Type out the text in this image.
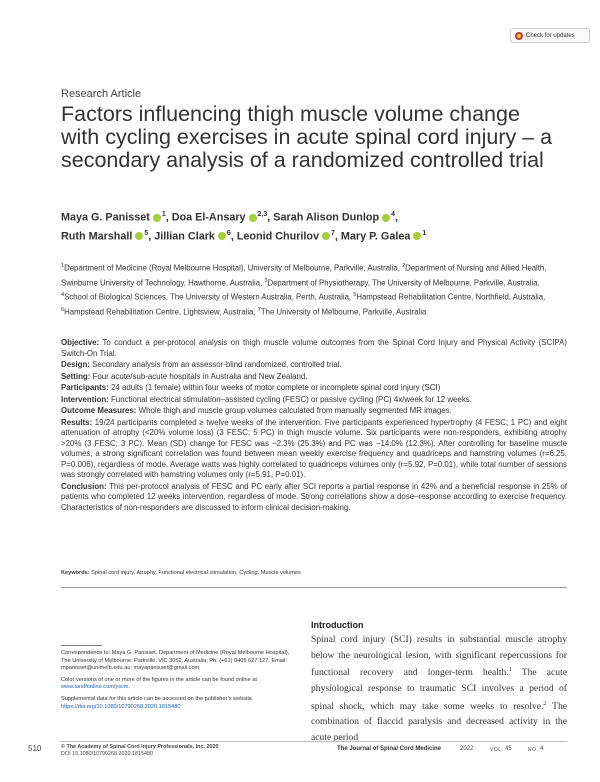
Check for updates
Research Article
Factors influencing thigh muscle volume change with cycling exercises in acute spinal cord injury – a secondary analysis of a randomized controlled trial
Maya G. Panisset $^1$, Doa El-Ansary $^{2,3}$, Sarah Alison Dunlop $^4$,
Ruth Marshall $^5$, Jillian Clark $^6$, Leonid Churilov $^7$, Mary P. Galea $^1$
$^1$Department of Medicine (Royal Melbourne Hospital), University of Melbourne, Parkville, Australia, $^2$Department of Nursing and Allied Health, Swinburne University of Technology, Hawthorne, Australia, $^3$Department of Physiotherapy, The University of Melbourne, Parkville, Australia, $^4$School of Biological Sciences, The University of Western Australia, Perth, Australia, $^5$Hampstead Rehabilitation Centre, Northfield, Australia, $^6$Hampstead Rehabilitation Centre, Lightsview, Australia, $^7$The University of Melbourne, Parkville, Australia

Objective: To conduct a per-protocol analysis on thigh muscle volume outcomes from the Spinal Cord Injury and Physical Activity (SCIPA) Switch-On Trial.

Design: Secondary analysis from an assessor-blind randomized, controlled trial.

Setting: Four acute/sub-acute hospitals in Australia and New Zealand.

Participants: 24 adults (1 female) within four weeks of motor complete or incomplete spinal cord injury (SCI)

Intervention: Functional electrical stimulation–assisted cycling (FESC) or passive cycling (PC) 4x/week for 12 weeks.

Outcome Measures: Whole thigh and muscle group volumes calculated from manually segmented MR images.

Results: 19/24 participants completed ≥ twelve weeks of the intervention. Five participants experienced hypertrophy (4 FESC; 1 PC) and eight attenuation of atrophy (<20% volume loss) (3 FESC; 5 PC) in thigh muscle volume. Six participants were non-responders, exhibiting atrophy >20% (3 FESC; 3 PC). Mean (SD) change for FESC was −2.3% (25.3%) and PC was −14.0% (12.3%). After controlling for baseline muscle volumes, a strong significant correlation was found between mean weekly exercise frequency and quadriceps and hamstring volumes (r=6.25, P=0.006), regardless of mode. Average watts was highly correlated to quadriceps volumes only (r=5.92, P=0.01), while total number of sessions was strongly correlated with hamstring volumes only (r=5.91, P=0.01).

Conclusion: This per-protocol analysis of FESC and PC early after SCI reports a partial response in 42% and a beneficial response in 25% of patients who completed 12 weeks intervention, regardless of mode. Strong correlations show a dose–response according to exercise frequency. Characteristics of non-responders are discussed to inform clinical decision-making.

Keywords: Spinal cord injury, Atrophy, Functional electrical stimulation, Cycling, Muscle volumes

Correspondence to: Maya G. Panisset, Department of Medicine (Royal Melbourne Hospital), The University of Melbourne, Parkville, VIC 3052, Australia; Ph: (+61) 0405 027 127. Email: mpanisset@unimelb.edu.au; mayapanisset@gmail.com

Color versions of one or more of the figures in the article can be found online at www.tandfonline.com/yscm.

Supplemental data for this article can be accessed on the publisher’s website. https://doi.org/10.1080/10790268.2020.1815480

Introduction
Spinal cord injury (SCI) results in substantial muscle atrophy below the neurological lesion, with significant repercussions for functional recovery and longer-term health.$^1$ The acute physiological response to traumatic SCI involves a period of spinal shock, which may take some weeks to resolve.$^2$ The combination of flaccid paralysis and decreased activity in the acute period
510	© The Academy of Spinal Cord Injury Professionals, Inc. 2020
DOI 10.1080/10790268.2020.1815480
The Journal of Spinal Cord Medicine	2022	VOL. 45	NO. 4
